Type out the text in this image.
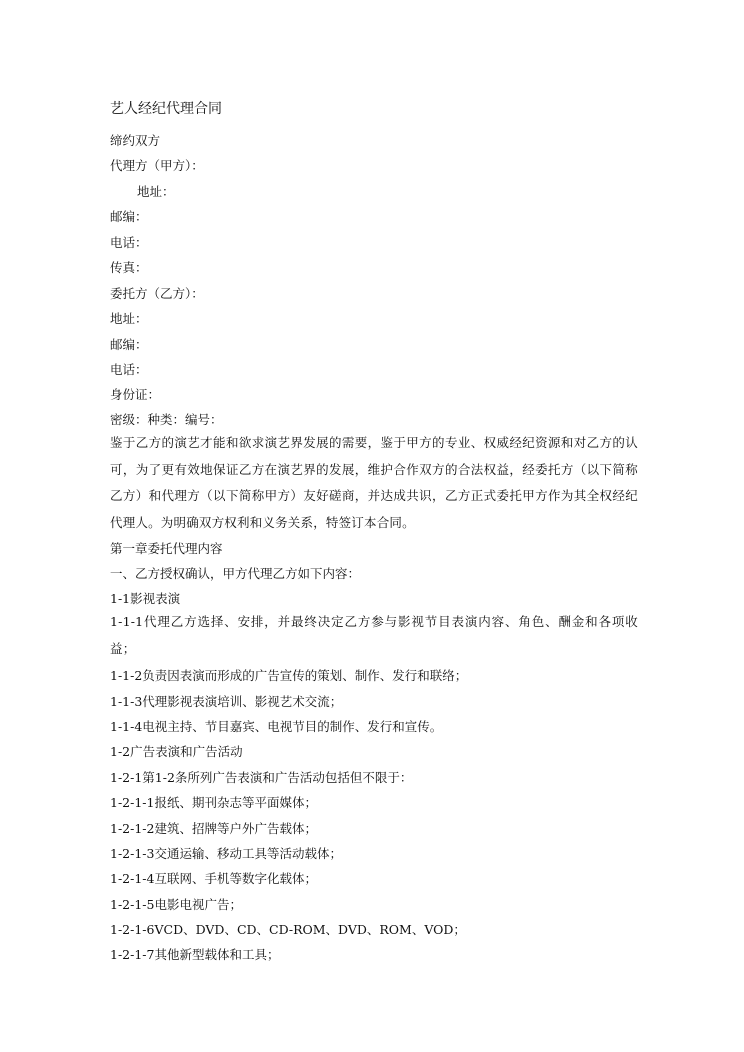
艺人经纪代理合同
缔约双方
代理方（甲方）：
地址：
邮编：
电话：
传真：
委托方（乙方）：
地址：
邮编：
电话：
身份证：
密级：种类：编号：
鉴于乙方的演艺才能和欲求演艺界发展的需要，鉴于甲方的专业、权威经纪资源和对乙方的认可，为了更有效地保证乙方在演艺界的发展，维护合作双方的合法权益，经委托方（以下简称乙方）和代理方（以下简称甲方）友好磋商，并达成共识，乙方正式委托甲方作为其全权经纪代理人。为明确双方权利和义务关系，特签订本合同。
第一章委托代理内容
一、乙方授权确认，甲方代理乙方如下内容：
1-1影视表演
1-1-1代理乙方选择、安排，并最终决定乙方参与影视节目表演内容、角色、酬金和各项收益；
1-1-2负责因表演而形成的广告宣传的策划、制作、发行和联络；
1-1-3代理影视表演培训、影视艺术交流；
1-1-4电视主持、节目嘉宾、电视节目的制作、发行和宣传。
1-2广告表演和广告活动
1-2-1第1-2条所列广告表演和广告活动包括但不限于：
1-2-1-1报纸、期刊杂志等平面媒体；
1-2-1-2建筑、招牌等户外广告载体；
1-2-1-3交通运输、移动工具等活动载体；
1-2-1-4互联网、手机等数字化载体；
1-2-1-5电影电视广告；
1-2-1-6VCD、DVD、CD、CD-ROM、DVD、ROM、VOD；
1-2-1-7其他新型载体和工具；
